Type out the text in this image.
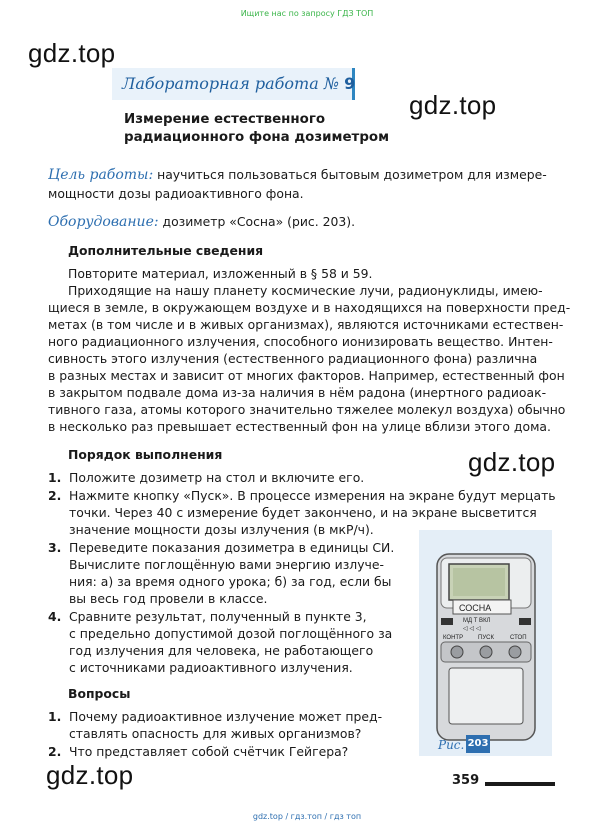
Ищите нас по запросу ГДЗ ТОП
gdz.top
gdz.top
gdz.top
gdz.top
Лабораторная работа № 9
Измерение естественного
радиационного фона дозиметром
Цель работы: научиться пользоваться бытовым дозиметром для измере-
мощности дозы радиоактивного фона.
Оборудование: дозиметр «Сосна» (рис. 203).
Дополнительные сведения
Повторите материал, изложенный в § 58 и 59.
Приходящие на нашу планету космические лучи, радионуклиды, имею-
щиеся в земле, в окружающем воздухе и в находящихся на поверхности пред-
метах (в том числе и в живых организмах), являются источниками естествен-
ного радиационного излучения, способного ионизировать вещество. Интен-
сивность этого излучения (естественного радиационного фона) различна
в разных местах и зависит от многих факторов. Например, естественный фон
в закрытом подвале дома из-за наличия в нём радона (инертного радиоак-
тивного газа, атомы которого значительно тяжелее молекул воздуха) обычно
в несколько раз превышает естественный фон на улице вблизи этого дома.
Порядок выполнения
1. Положите дозиметр на стол и включите его.
2. Нажмите кнопку «Пуск». В процессе измерения на экране будут мерцать
точки. Через 40 с измерение будет закончено, и на экране высветится
значение мощности дозы излучения (в мкР/ч).
3. Переведите показания дозиметра в единицы СИ.
Вычислите поглощённую вами энергию излуче-
ния: а) за время одного урока; б) за год, если бы
вы весь год провели в классе.
4. Сравните результат, полученный в пункте 3,
с предельно допустимой дозой поглощённого за
год излучения для человека, не работающего
с источниками радиоактивного излучения.
Вопросы
1. Почему радиоактивное излучение может пред-
ставлять опасность для живых организмов?
2. Что представляет собой счётчик Гейгера?
СОСНА
МД Т ВКЛ
◁ ◁ ◁
КОНТР ПУСК	СТОП
Рис. 203
359
gdz.top / гдз.топ / гдз топ
